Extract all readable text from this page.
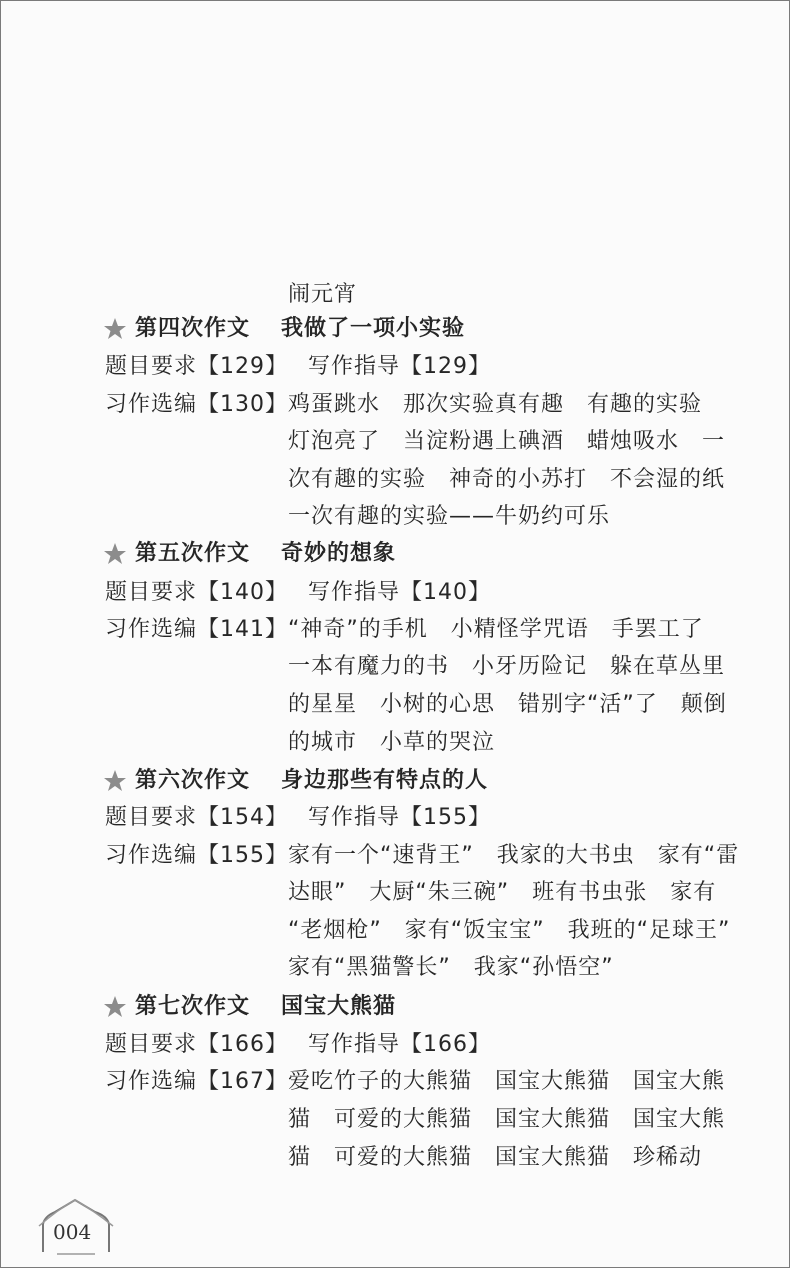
闹元宵
第四次作文 我做了一项小实验
题目要求【129】 写作指导【129】
习作选编【130】 鸡蛋跳水　那次实验真有趣　有趣的实验
灯泡亮了　当淀粉遇上碘酒　蜡烛吸水　一
次有趣的实验　神奇的小苏打　不会湿的纸
一次有趣的实验——牛奶约可乐
第五次作文 奇妙的想象
题目要求【140】 写作指导【140】
习作选编【141】 “神奇”的手机　小精怪学咒语　手罢工了
一本有魔力的书　小牙历险记　躲在草丛里
的星星　小树的心思　错别字“活”了　颠倒
的城市　小草的哭泣
第六次作文 身边那些有特点的人
题目要求【154】 写作指导【155】
习作选编【155】 家有一个“速背王”　我家的大书虫　家有“雷
达眼”　大厨“朱三碗”　班有书虫张　家有
“老烟枪”　家有“饭宝宝”　我班的“足球王”
家有“黑猫警长”　我家“孙悟空”
第七次作文 国宝大熊猫
题目要求【166】 写作指导【166】
习作选编【167】 爱吃竹子的大熊猫　国宝大熊猫　国宝大熊
猫　可爱的大熊猫　国宝大熊猫　国宝大熊
猫　可爱的大熊猫　国宝大熊猫　珍稀动
004
